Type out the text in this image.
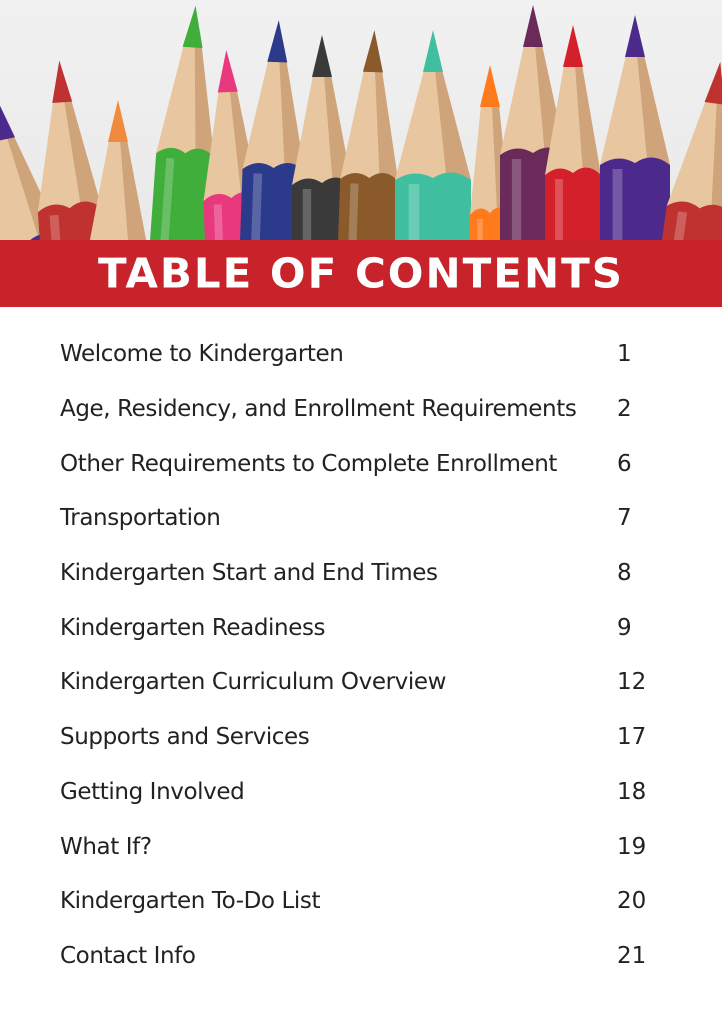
TABLE OF CONTENTS
Welcome to Kindergarten	1
Age, Residency, and Enrollment Requirements 2
Other Requirements to Complete Enrollment	6
Transportation	7
Kindergarten Start and End Times	8
Kindergarten Readiness	9
Kindergarten Curriculum Overview	12
Supports and Services	17
Getting Involved	18
What If?	19
Kindergarten To-Do List	20
Contact Info	21
